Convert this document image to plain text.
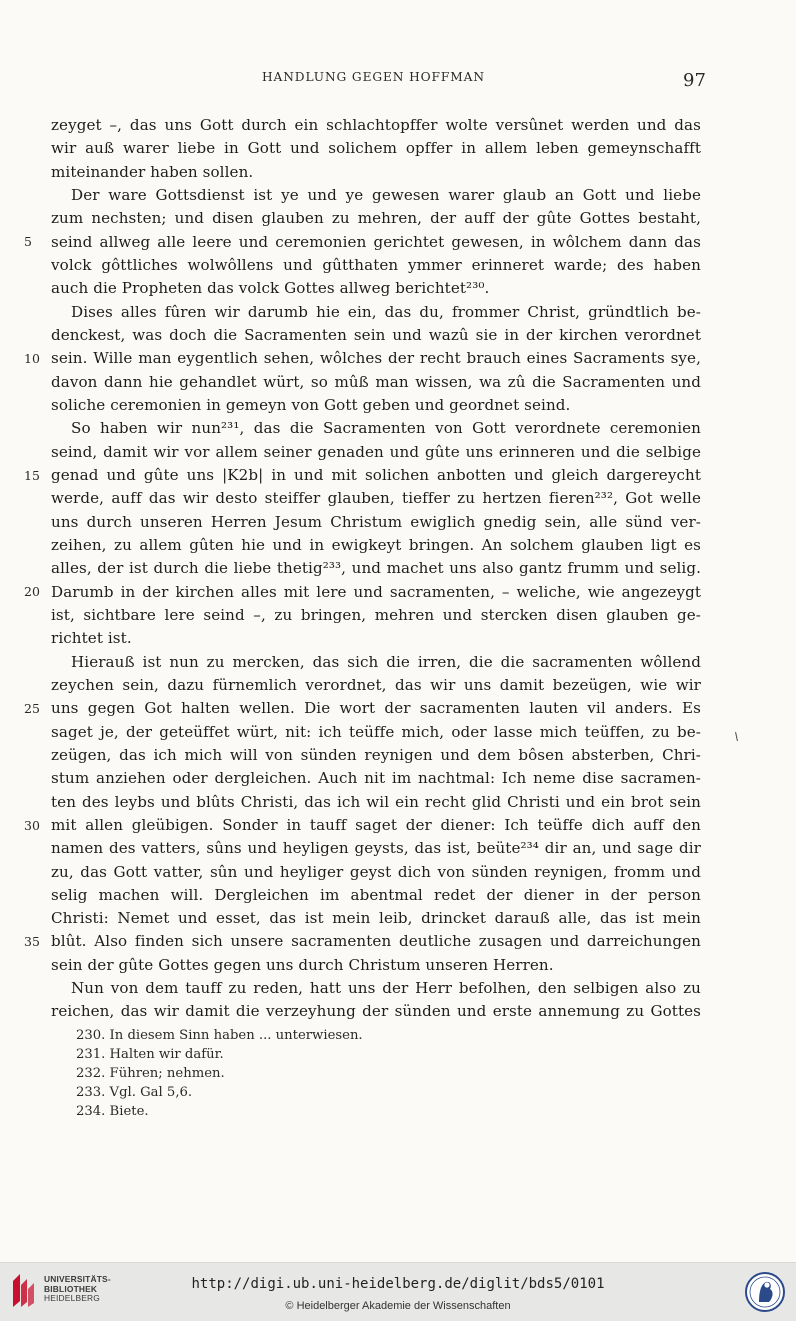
HANDLUNG GEGEN HOFFMAN	97
5
10
15
20
25
30
35
zeyget –, das uns Gott durch ein schlachtopffer wolte versûnet werden und das
wir auß warer liebe in Gott und solichem opffer in allem leben gemeynschafft
miteinander haben sollen.
Der ware Gottsdienst ist ye und ye gewesen warer glaub an Gott und liebe
zum nechsten; und disen glauben zu mehren, der auff der gûte Gottes bestaht,
seind allweg alle leere und ceremonien gerichtet gewesen, in wôlchem dann das
volck gôttliches wolwôllens und gûtthaten ymmer erinneret warde; des haben
auch die Propheten das volck Gottes allweg berichtet²³⁰.
Dises alles fûren wir darumb hie ein, das du, frommer Christ, gründtlich be-
denckest, was doch die Sacramenten sein und wazû sie in der kirchen verordnet
sein. Wille man eygentlich sehen, wôlches der recht brauch eines Sacraments sye,
davon dann hie gehandlet würt, so mûß man wissen, wa zû die Sacramenten und
soliche ceremonien in gemeyn von Gott geben und geordnet seind.
So haben wir nun²³¹, das die Sacramenten von Gott verordnete ceremonien
seind, damit wir vor allem seiner genaden und gûte uns erinneren und die selbige
genad und gûte uns |K2b| in und mit solichen anbotten und gleich dargereycht
werde, auff das wir desto steiffer glauben, tieffer zu hertzen fieren²³², Got welle
uns durch unseren Herren Jesum Christum ewiglich gnedig sein, alle sünd ver-
zeihen, zu allem gûten hie und in ewigkeyt bringen. An solchem glauben ligt es
alles, der ist durch die liebe thetig²³³, und machet uns also gantz frumm und selig.
Darumb in der kirchen alles mit lere und sacramenten, – weliche, wie angezeygt
ist, sichtbare lere seind –, zu bringen, mehren und stercken disen glauben ge-
richtet ist.
Hierauß ist nun zu mercken, das sich die irren, die die sacramenten wôllend
zeychen sein, dazu fürnemlich verordnet, das wir uns damit bezeügen, wie wir
uns gegen Got halten wellen. Die wort der sacramenten lauten vil anders. Es
saget je, der geteüffet würt, nit: ich teüffe mich, oder lasse mich teüffen, zu be-
zeügen, das ich mich will von sünden reynigen und dem bôsen absterben, Chri-
stum anziehen oder dergleichen. Auch nit im nachtmal: Ich neme dise sacramen-
ten des leybs und blûts Christi, das ich wil ein recht glid Christi und ein brot sein
mit allen gleübigen. Sonder in tauff saget der diener: Ich teüffe dich auff den
namen des vatters, sûns und heyligen geysts, das ist, beüte²³⁴ dir an, und sage dir
zu, das Gott vatter, sûn und heyliger geyst dich von sünden reynigen, fromm und
selig machen will. Dergleichen im abentmal redet der diener in der person
Christi: Nemet und esset, das ist mein leib, drincket darauß alle, das ist mein
blût. Also finden sich unsere sacramenten deutliche zusagen und darreichungen
sein der gûte Gottes gegen uns durch Christum unseren Herren.
Nun von dem tauff zu reden, hatt uns der Herr befolhen, den selbigen also zu
reichen, das wir damit die verzeyhung der sünden und erste annemung zu Gottes
230. In diesem Sinn haben ... unterwiesen.
231. Halten wir dafür.
232. Führen; nehmen.
233. Vgl. Gal 5,6.
234. Biete.
UNIVERSITÄTS-
BIBLIOTHEK
HEIDELBERG
http://digi.ub.uni-heidelberg.de/diglit/bds5/0101
© Heidelberger Akademie der Wissenschaften
